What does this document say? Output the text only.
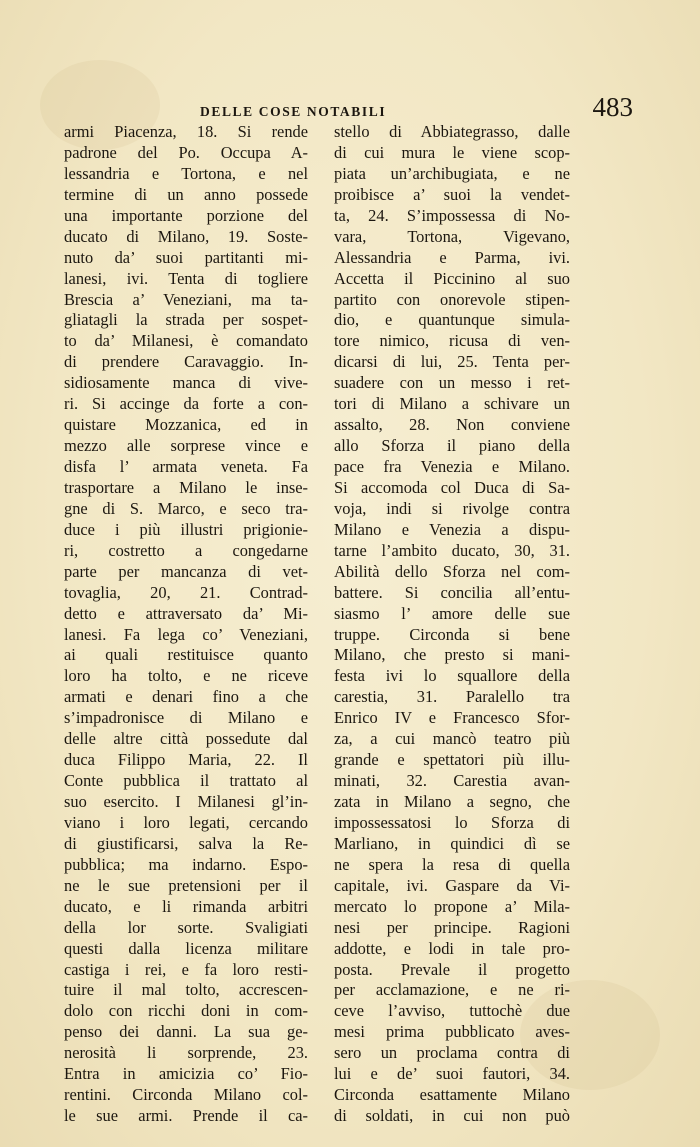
DELLE COSE NOTABILI	483
armi Piacenza, 18. Si rende
padrone del Po. Occupa A-
lessandria e Tortona, e nel
termine di un anno possede
una importante porzione del
ducato di Milano, 19. Soste-
nuto da’ suoi partitanti mi-
lanesi, ivi. Tenta di togliere
Brescia a’ Veneziani, ma ta-
gliatagli la strada per sospet-
to da’ Milanesi, è comandato
di prendere Caravaggio. In-
sidiosamente manca di vive-
ri. Si accinge da forte a con-
quistare Mozzanica, ed in
mezzo alle sorprese vince e
disfa l’ armata veneta. Fa
trasportare a Milano le inse-
gne di S. Marco, e seco tra-
duce i più illustri prigionie-
ri, costretto a congedarne
parte per mancanza di vet-
tovaglia, 20, 21. Contrad-
detto e attraversato da’ Mi-
lanesi. Fa lega co’ Veneziani,
ai quali restituisce quanto
loro ha tolto, e ne riceve
armati e denari fino a che
s’impadronisce di Milano e
delle altre città possedute dal
duca Filippo Maria, 22. Il
Conte pubblica il trattato al
suo esercito. I Milanesi gl’in-
viano i loro legati, cercando
di giustificarsi, salva la Re-
pubblica; ma indarno. Espo-
ne le sue pretensioni per il
ducato, e li rimanda arbitri
della lor sorte. Svaligiati
questi dalla licenza militare
castiga i rei, e fa loro resti-
tuire il mal tolto, accrescen-
dolo con ricchi doni in com-
penso dei danni. La sua ge-
nerosità li sorprende, 23.
Entra in amicizia co’ Fio-
rentini. Circonda Milano col-
le sue armi. Prende il ca-
stello di Abbiategrasso, dalle
di cui mura le viene scop-
piata un’archibugiata, e ne
proibisce a’ suoi la vendet-
ta, 24. S’impossessa di No-
vara, Tortona, Vigevano,
Alessandria e Parma, ivi.
Accetta il Piccinino al suo
partito con onorevole stipen-
dio, e quantunque simula-
tore nimico, ricusa di ven-
dicarsi di lui, 25. Tenta per-
suadere con un messo i ret-
tori di Milano a schivare un
assalto, 28. Non conviene
allo Sforza il piano della
pace fra Venezia e Milano.
Si accomoda col Duca di Sa-
voja, indi si rivolge contra
Milano e Venezia a dispu-
tarne l’ambito ducato, 30, 31.
Abilità dello Sforza nel com-
battere. Si concilia all’entu-
siasmo l’ amore delle sue
truppe. Circonda si bene
Milano, che presto si mani-
festa ivi lo squallore della
carestia, 31. Paralello tra
Enrico IV e Francesco Sfor-
za, a cui mancò teatro più
grande e spettatori più illu-
minati, 32. Carestia avan-
zata in Milano a segno, che
impossessatosi lo Sforza di
Marliano, in quindici dì se
ne spera la resa di quella
capitale, ivi. Gaspare da Vi-
mercato lo propone a’ Mila-
nesi per principe. Ragioni
addotte, e lodi in tale pro-
posta. Prevale il progetto
per acclamazione, e ne ri-
ceve l’avviso, tuttochè due
mesi prima pubblicato aves-
sero un proclama contra di
lui e de’ suoi fautori, 34.
Circonda esattamente Milano
di soldati, in cui non può
